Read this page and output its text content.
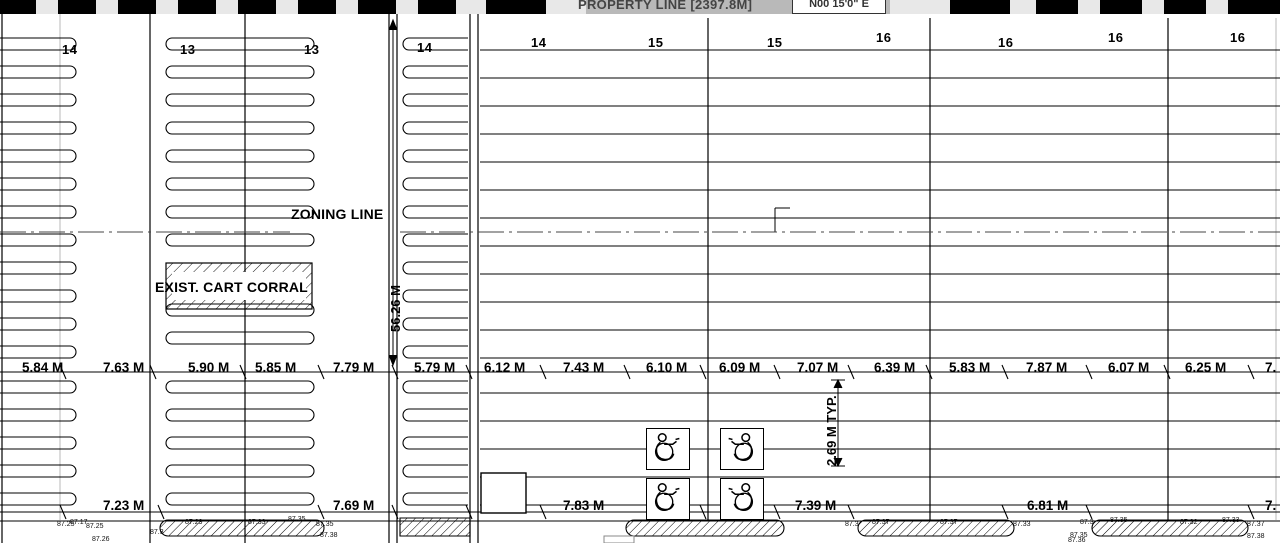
PROPERTY LINE [2397.8M]	N00 15'0" E
14	13	13	14	14	15	15	16	16	16	16
5.84 M	7.63 M	5.90 M 5.85 M	7.79 M	5.79 M 6.12 M	7.43 M	6.10 M 6.09 M	7.07 M	6.39 M 5.83 M	7.87 M	6.07 M	6.25 M	7.
7.23 M	7.69 M	7.83 M	7.39 M	6.81 M	7.
87.17
87.25 87.25
87.26
87.3
87.29	87.33	87.35
87.35
87.38
87.3 87.37	87.37	87.33
87.35
87.36
87.3 87.35	87.32	87.33
87.37
87.38
ZONING LINE
EXIST. CART CORRAL	56.26 M
2.69 M TYP.
